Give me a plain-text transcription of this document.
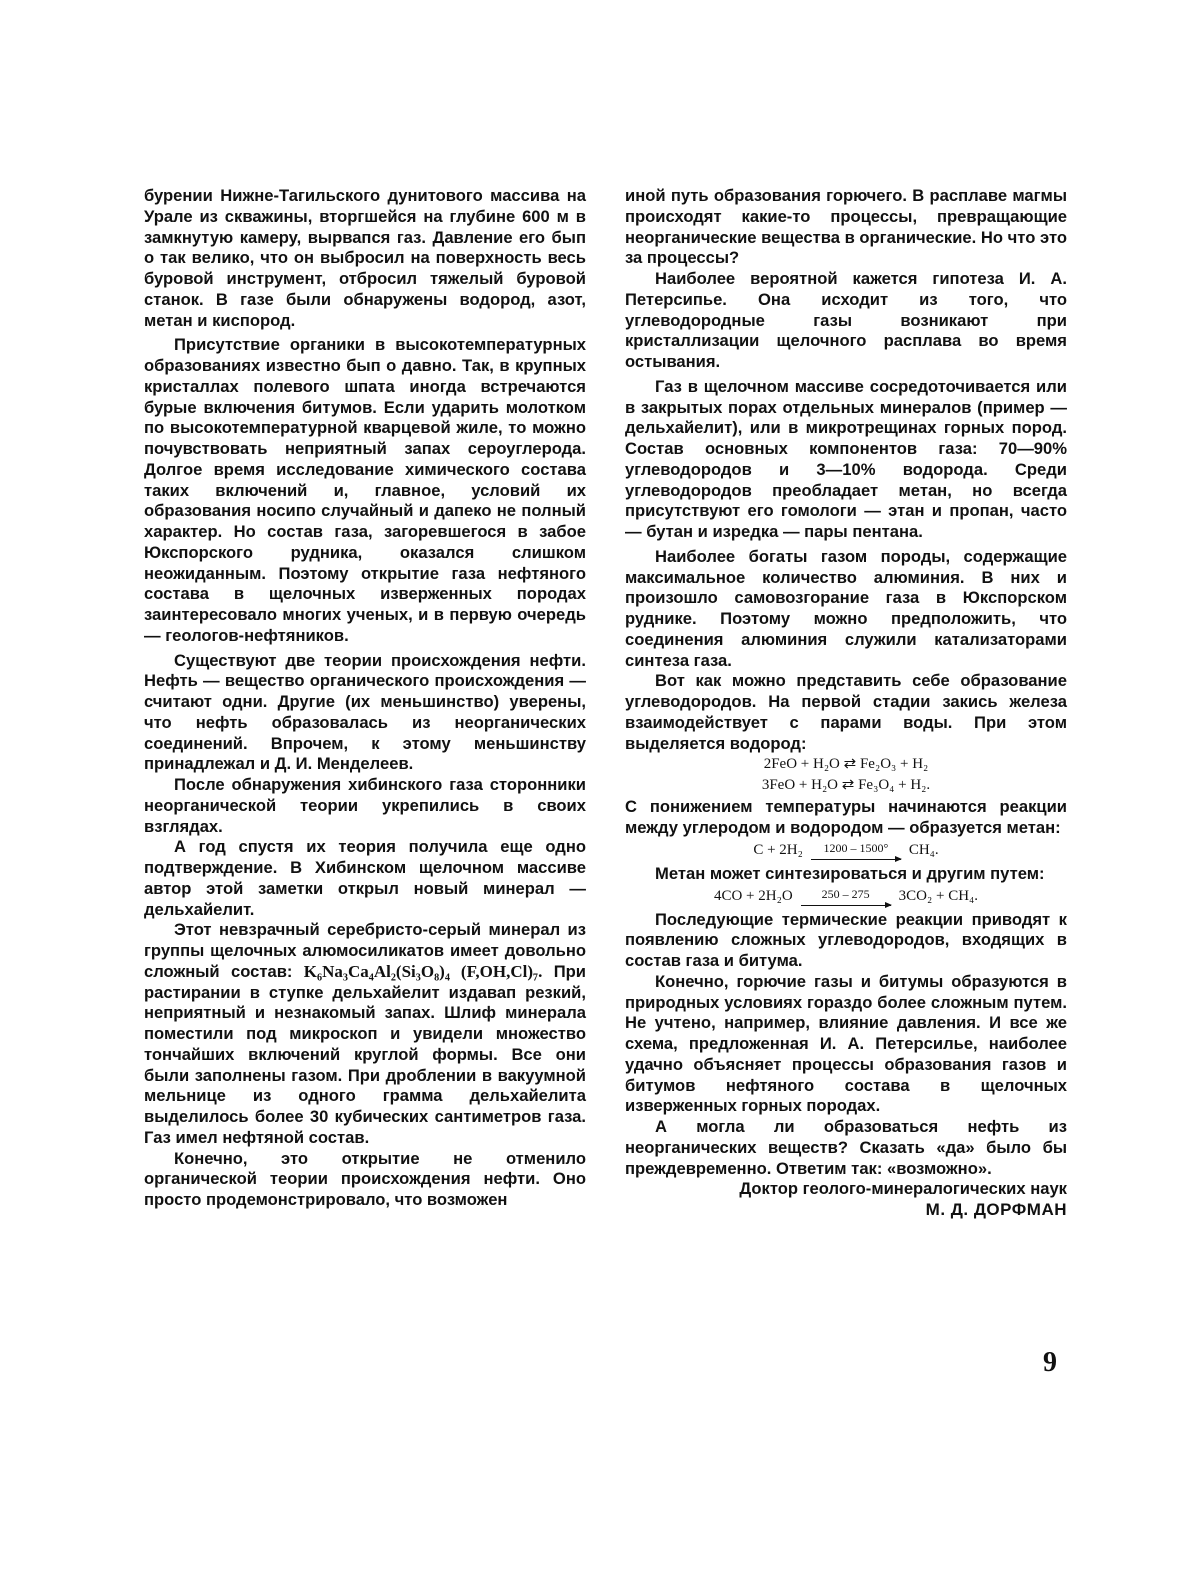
бурении Нижне-Тагильского дунитового массива на Урале из скважины, вторгшейся на глубине 600 м в замкнутую камеру, вырвапся газ. Давление его бып о так велико, что он выбросил на поверхность весь буровой инструмент, отбросил тяжелый буровой станок. В газе были обнаружены водород, азот, метан и киспород.

Присутствие органики в высокотемпературных образованиях известно бып о давно. Так, в крупных кристаллах полевого шпата иногда встречаются бурые включения битумов. Если ударить молотком по высокотемпературной кварцевой жиле, то можно почувствовать неприятный запах сероуглерода. Долгое время исследование химического состава таких включений и, главное, условий их образования носипо случайный и дапеко не полный характер. Но состав газа, загоревшегося в забое Юкспорского рудника, оказался слишком неожиданным. Поэтому открытие газа нефтяного состава в щелочных изверженных породах заинтересовало многих ученых, и в первую очередь — геологов-нефтяников.

Существуют две теории происхождения нефти. Нефть — вещество органического происхождения — считают одни. Другие (их меньшинство) уверены, что нефть образовалась из неорганических соединений. Впрочем, к этому меньшинству принадлежал и Д. И. Менделеев.

После обнаружения хибинского газа сторонники неорганической теории укрепились в своих взглядах.

А год спустя их теория получила еще одно подтверждение. В Хибинском щелочном массиве автор этой заметки открыл новый минерал — дельхайелит.

Этот невзрачный серебристо-серый минерал из группы щелочных алюмосиликатов имеет довольно сложный состав: K₆Na₃Ca₄Al₂(Si₃O₈)₄ (F,OH,Cl)₇. При растирании в ступке дельхайелит издавап резкий, неприятный и незнакомый запах. Шлиф минерала поместили под микроскоп и увидели множество тончайших включений круглой формы. Все они были заполнены газом. При дроблении в вакуумной мельнице из одного грамма дельхайелита выделилось более 30 кубических сантиметров газа. Газ имел нефтяной состав.

Конечно, это открытие не отменило органической теории происхождения нефти. Оно просто продемонстрировало, что возможен

иной путь образования горючего. В расплаве магмы происходят какие-то процессы, превращающие неорганические вещества в органические. Но что это за процессы?

Наиболее вероятной кажется гипотеза И. А. Петерсипье. Она исходит из того, что углеводородные газы возникают при кристаллизации щелочного расплава во время остывания.

Газ в щелочном массиве сосредоточивается или в закрытых порах отдельных минералов (пример — дельхайелит), или в микротрещинах горных пород. Состав основных компонентов газа: 70—90% углеводородов и 3—10% водорода. Среди углеводородов преобладает метан, но всегда присутствуют его гомологи — этан и пропан, часто — бутан и изредка — пары пентана.

Наиболее богаты газом породы, содержащие максимальное количество алюминия. В них и произошло самовозгорание газа в Юкспорском руднике. Поэтому можно предположить, что соединения алюминия служили катализаторами синтеза газа.

Вот как можно представить себе образование углеводородов. На первой стадии закись железа взаимодействует с парами воды. При этом выделяется водород:

2FeO + H₂O ⇄ Fe₂O₃ + H₂
3FeO + H₂O ⇄ Fe₃O₄ + H₂.

С понижением температуры начинаются реакции между углеродом и водородом — образуется метан:

C + 2H₂ 1200 – 1500° CH₄.

Метан может синтезироваться и другим путем:

4CO + 2H₂O 250 – 275 3CO₂ + CH₄.

Последующие термические реакции приводят к появлению сложных углеводородов, входящих в состав газа и битума.

Конечно, горючие газы и битумы образуются в природных условиях гораздо более сложным путем. Не учтено, например, влияние давления. И все же схема, предложенная И. А. Петерсилье, наиболее удачно объясняет процессы образования газов и битумов нефтяного состава в щелочных изверженных горных породах.

А могла ли образоваться нефть из неорганических веществ? Сказать «да» было бы преждевременно. Ответим так: «возможно».

Доктор геолого-минералогических наук
М. Д. ДОРФМАН
9
